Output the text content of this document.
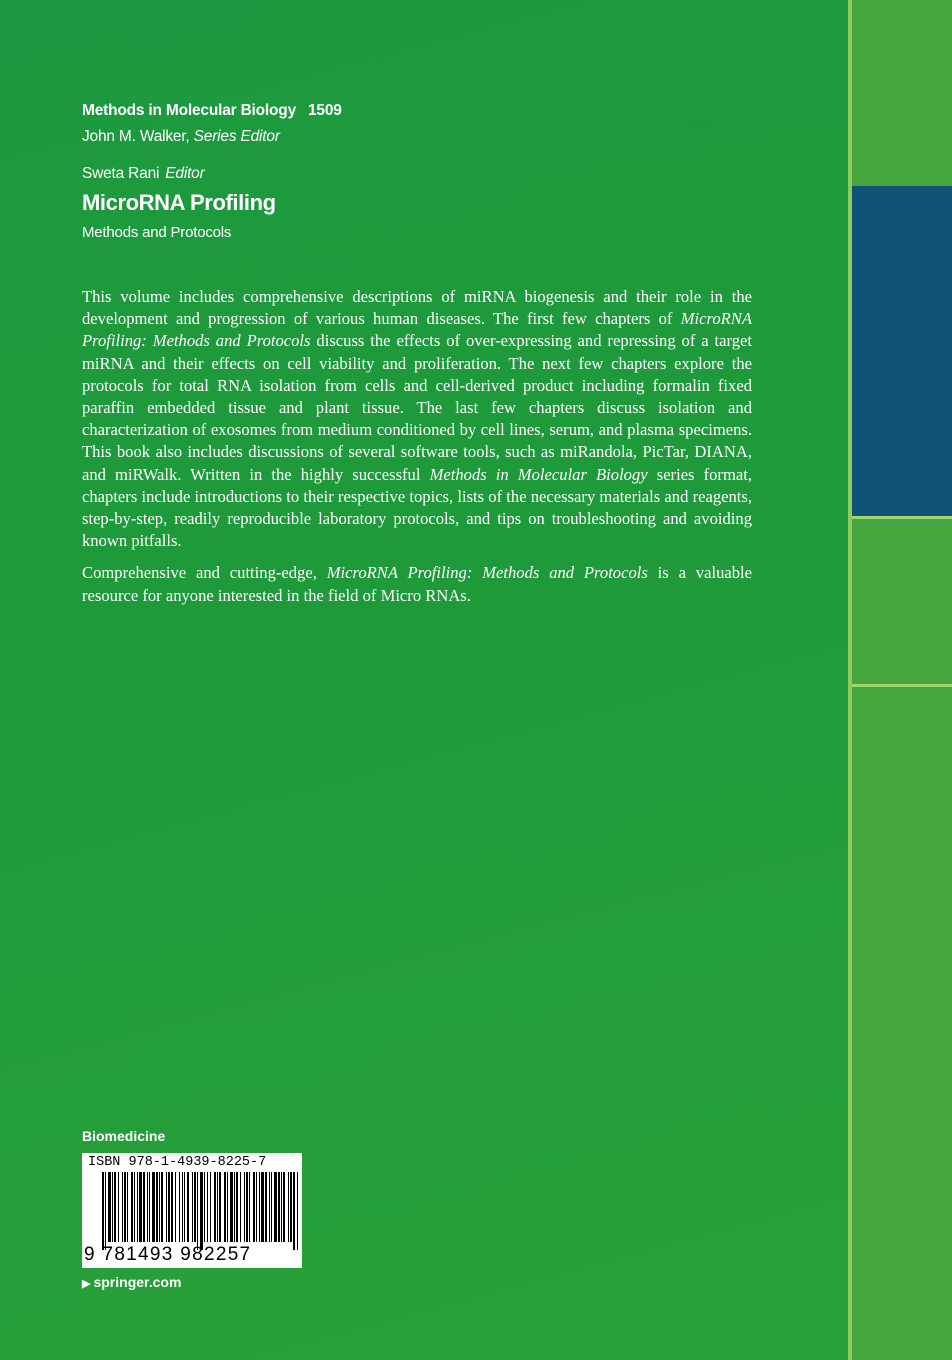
Methods in Molecular Biology 1509
John M. Walker, Series Editor
Sweta Rani Editor
MicroRNA Profiling
Methods and Protocols

This volume includes comprehensive descriptions of miRNA biogenesis and their role in the development and progression of various human diseases. The first few chapters of MicroRNA Profiling: Methods and Protocols discuss the effects of over-expressing and repressing of a target miRNA and their effects on cell viability and proliferation. The next few chapters explore the protocols for total RNA isolation from cells and cell-derived product including formalin fixed paraffin embedded tissue and plant tissue. The last few chapters discuss isolation and characterization of exosomes from medium conditioned by cell lines, serum, and plasma specimens. This book also includes discussions of several software tools, such as miRandola, PicTar, DIANA, and miRWalk. Written in the highly successful Methods in Molecular Biology series format, chapters include introductions to their respective topics, lists of the necessary materials and reagents, step-by-step, readily reproducible laboratory protocols, and tips on troubleshooting and avoiding known pitfalls.

Comprehensive and cutting-edge, MicroRNA Profiling: Methods and Protocols is a valuable resource for anyone interested in the field of Micro RNAs.

Biomedicine
ISBN 978-1-4939-8225-7
9 781493 982257
▶ springer.com
